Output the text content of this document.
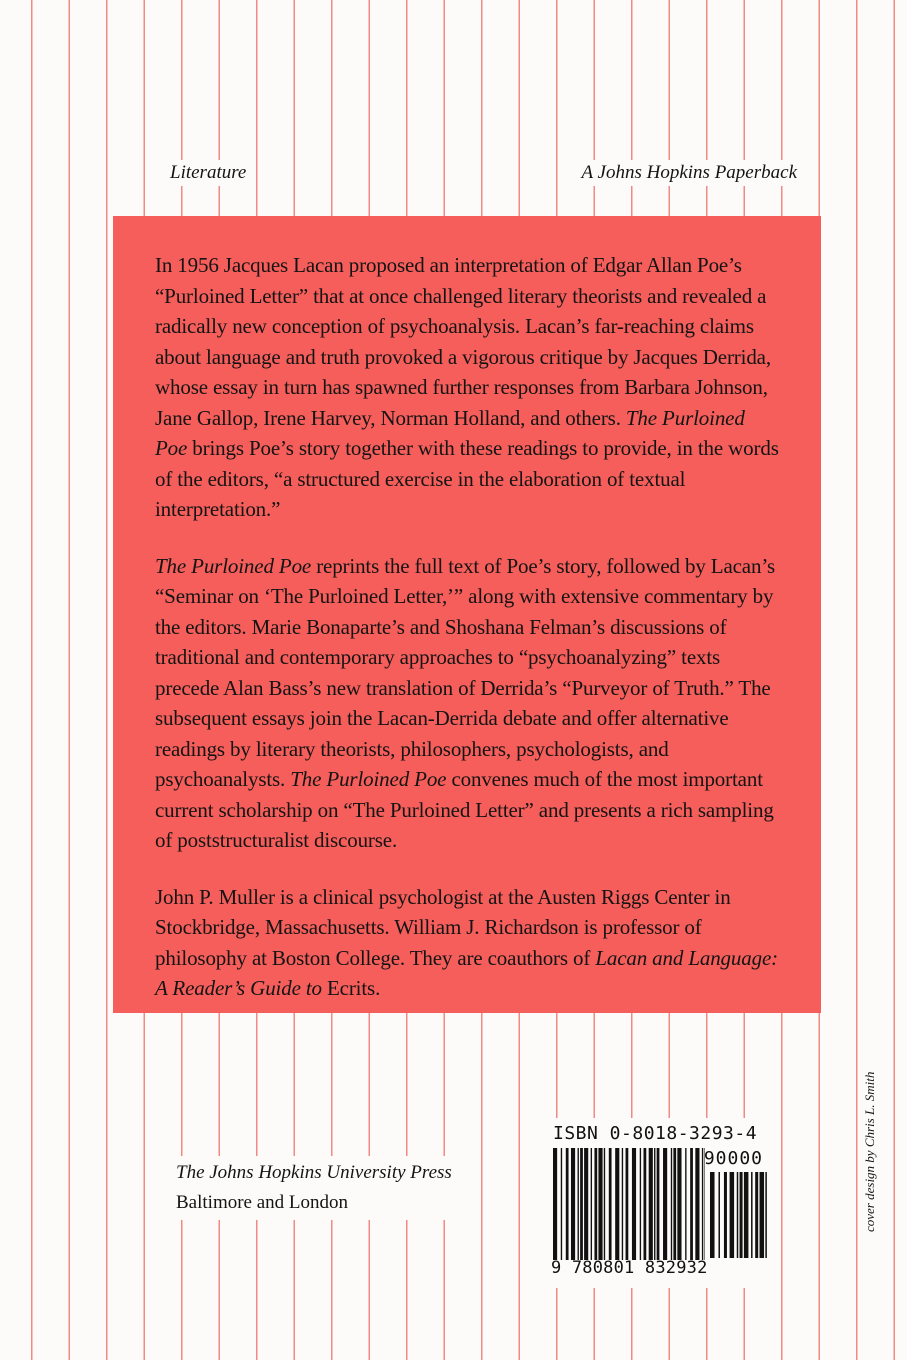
Literature	A Johns Hopkins Paperback

In 1956 Jacques Lacan proposed an interpretation of Edgar Allan Poe’s “Purloined Letter” that at once challenged literary theorists and revealed a radically new conception of psychoanalysis. Lacan’s far-reaching claims about language and truth provoked a vigorous critique by Jacques Derrida, whose essay in turn has spawned further responses from Barbara Johnson, Jane Gallop, Irene Harvey, Norman Holland, and others. The Purloined Poe brings Poe’s story together with these readings to provide, in the words of the editors, “a structured exercise in the elaboration of textual interpretation.”

The Purloined Poe reprints the full text of Poe’s story, followed by Lacan’s “Seminar on ‘The Purloined Letter,’” along with extensive commentary by the editors. Marie Bonaparte’s and Shoshana Felman’s discussions of traditional and contemporary approaches to “psychoanalyzing” texts precede Alan Bass’s new translation of Derrida’s “Purveyor of Truth.” The subsequent essays join the Lacan-Derrida debate and offer alternative readings by literary theorists, philosophers, psychologists, and psychoanalysts. The Purloined Poe convenes much of the most important current scholarship on “The Purloined Letter” and presents a rich sampling of poststructuralist discourse.

John P. Muller is a clinical psychologist at the Austen Riggs Center in Stockbridge, Massachusetts. William J. Richardson is professor of philosophy at Boston College. They are coauthors of Lacan and Language: A Reader’s Guide to Ecrits.

The Johns Hopkins University Press
Baltimore and London
ISBN 0-8018-3293-4
90000
9 780801 832932
cover design by Chris L. Smith
